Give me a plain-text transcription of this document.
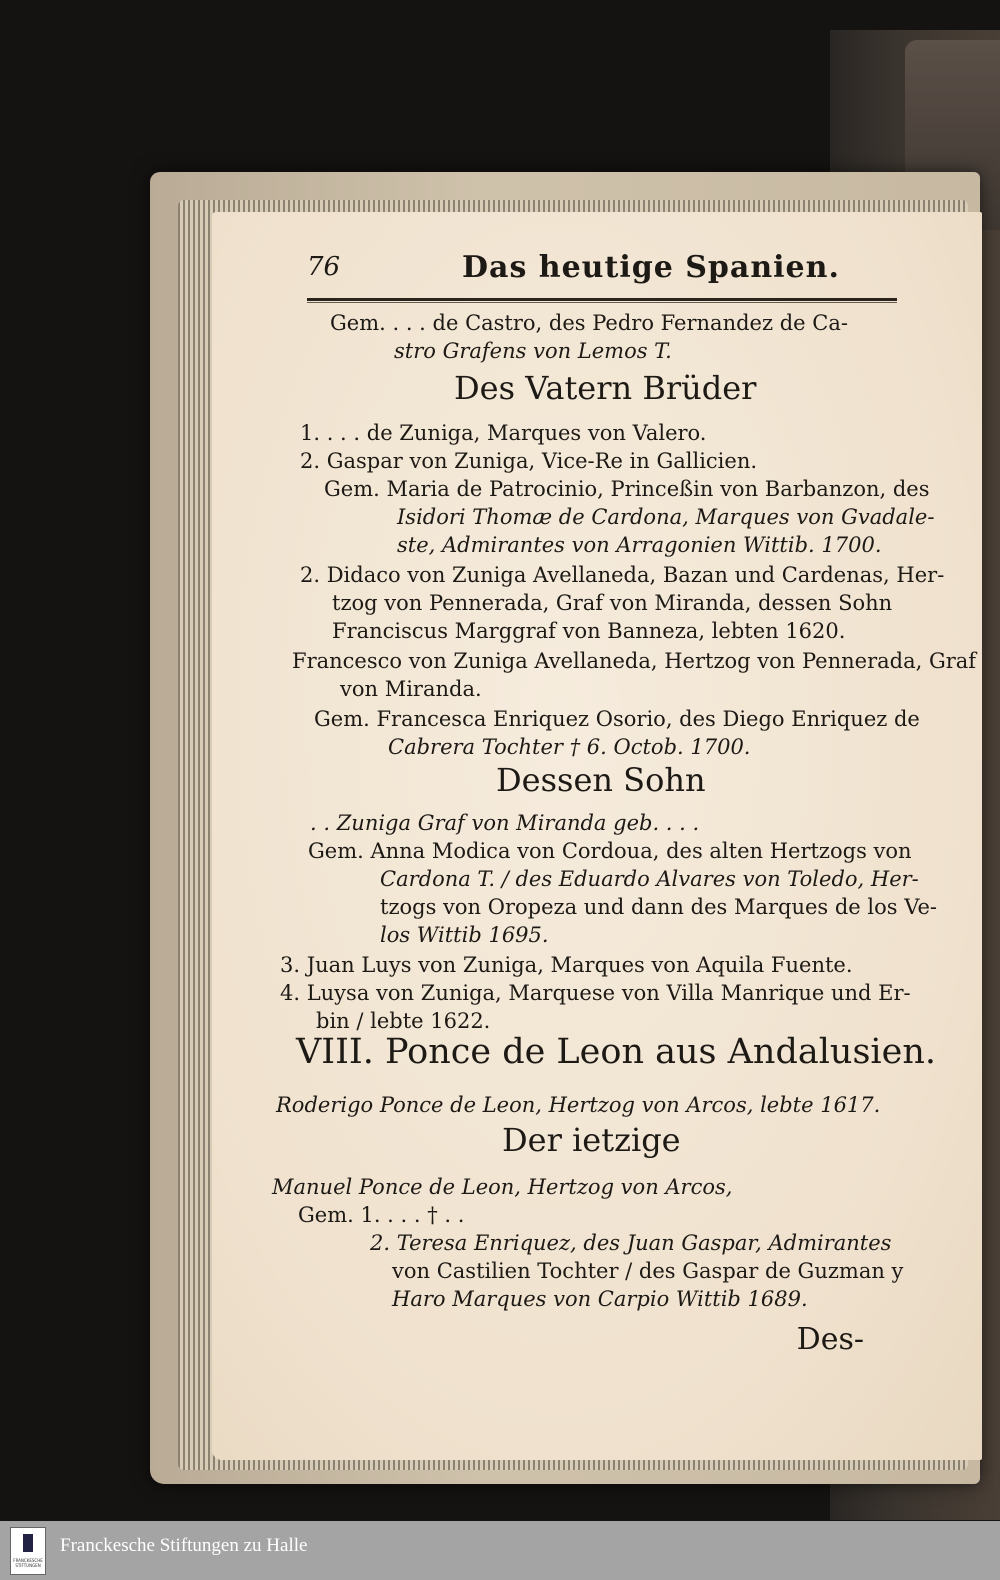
76	Das heutige Spanien.
Gem. . . . de Castro, des Pedro Fernandez de Ca-
stro Grafens von Lemos T.
Des Vatern Brüder
1. . . . de Zuniga, Marques von Valero.
2. Gaspar von Zuniga, Vice-Re in Gallicien.
Gem. Maria de Patrocinio, Princeßin von Barbanzon, des
Isidori Thomæ de Cardona, Marques von Gvadale-
ste, Admirantes von Arragonien Wittib. 1700.
2. Didaco von Zuniga Avellaneda, Bazan und Cardenas, Her-
tzog von Pennerada, Graf von Miranda, dessen Sohn
Franciscus Marggraf von Banneza, lebten 1620.
Francesco von Zuniga Avellaneda, Hertzog von Pennerada, Graf
von Miranda.
Gem. Francesca Enriquez Osorio, des Diego Enriquez de
Cabrera Tochter † 6. Octob. 1700.
Dessen Sohn
. . Zuniga Graf von Miranda geb. . . .
Gem. Anna Modica von Cordoua, des alten Hertzogs von
Cardona T. / des Eduardo Alvares von Toledo, Her-
tzogs von Oropeza und dann des Marques de los Ve-
los Wittib 1695.
3. Juan Luys von Zuniga, Marques von Aquila Fuente.
4. Luysa von Zuniga, Marquese von Villa Manrique und Er-
bin / lebte 1622.
VIII. Ponce de Leon aus Andalusien.
Roderigo Ponce de Leon, Hertzog von Arcos, lebte 1617.
Der ietzige
Manuel Ponce de Leon, Hertzog von Arcos,
Gem. 1. . . . † . .
2. Teresa Enriquez, des Juan Gaspar, Admirantes
von Castilien Tochter / des Gaspar de Guzman y
Haro Marques von Carpio Wittib 1689.
Des-
FRANCKESCHE STIFTUNGEN
Franckesche Stiftungen zu Halle
